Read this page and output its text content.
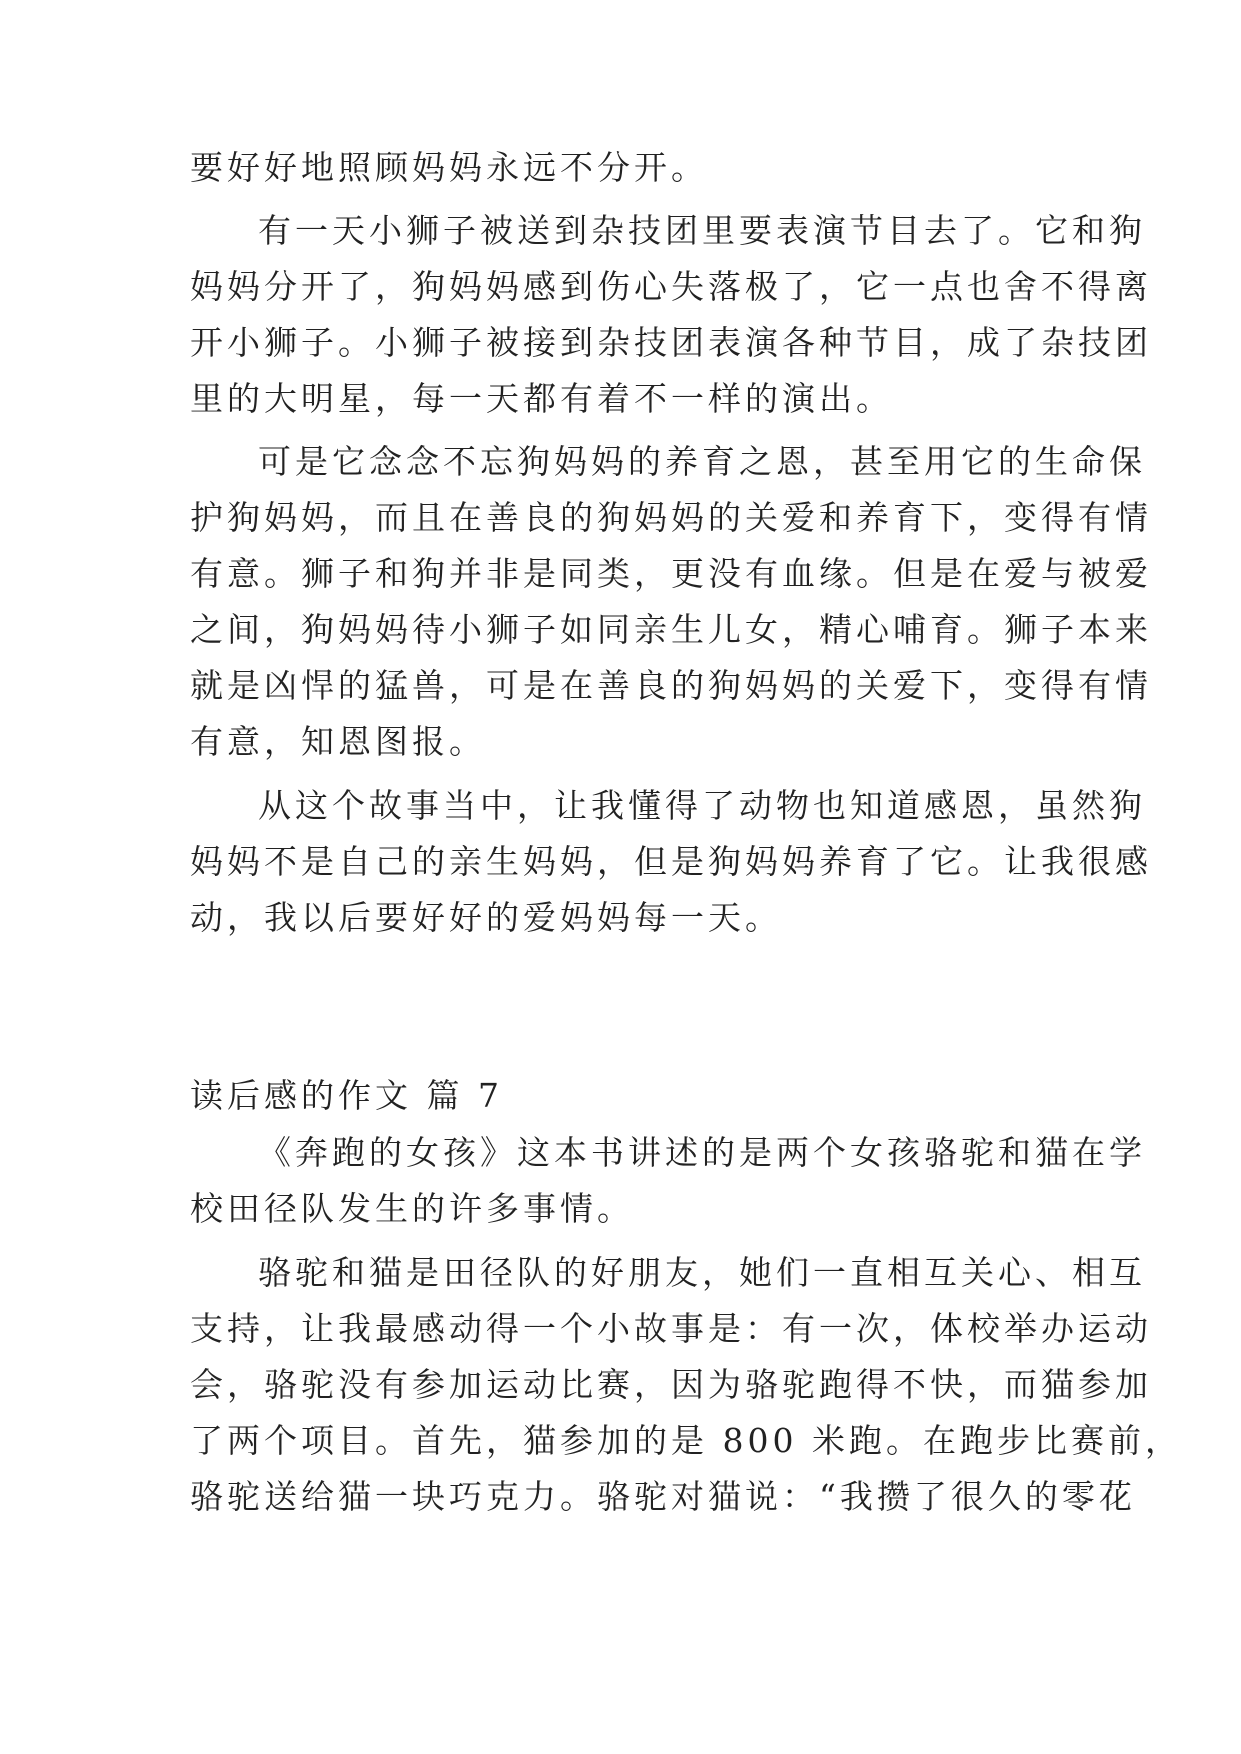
要好好地照顾妈妈永远不分开。
有一天小狮子被送到杂技团里要表演节目去了。它和狗
妈妈分开了，狗妈妈感到伤心失落极了，它一点也舍不得离
开小狮子。小狮子被接到杂技团表演各种节目，成了杂技团
里的大明星，每一天都有着不一样的演出。
可是它念念不忘狗妈妈的养育之恩，甚至用它的生命保
护狗妈妈，而且在善良的狗妈妈的关爱和养育下，变得有情
有意。狮子和狗并非是同类，更没有血缘。但是在爱与被爱
之间，狗妈妈待小狮子如同亲生儿女，精心哺育。狮子本来
就是凶悍的猛兽，可是在善良的狗妈妈的关爱下，变得有情
有意，知恩图报。
从这个故事当中，让我懂得了动物也知道感恩，虽然狗
妈妈不是自己的亲生妈妈，但是狗妈妈养育了它。让我很感
动，我以后要好好的爱妈妈每一天。
读后感的作文 篇 7
《奔跑的女孩》这本书讲述的是两个女孩骆驼和猫在学
校田径队发生的许多事情。
骆驼和猫是田径队的好朋友，她们一直相互关心、相互
支持，让我最感动得一个小故事是：有一次，体校举办运动
会，骆驼没有参加运动比赛，因为骆驼跑得不快，而猫参加
了两个项目。首先，猫参加的是 800 米跑。在跑步比赛前，
骆驼送给猫一块巧克力。骆驼对猫说：“我攒了很久的零花
